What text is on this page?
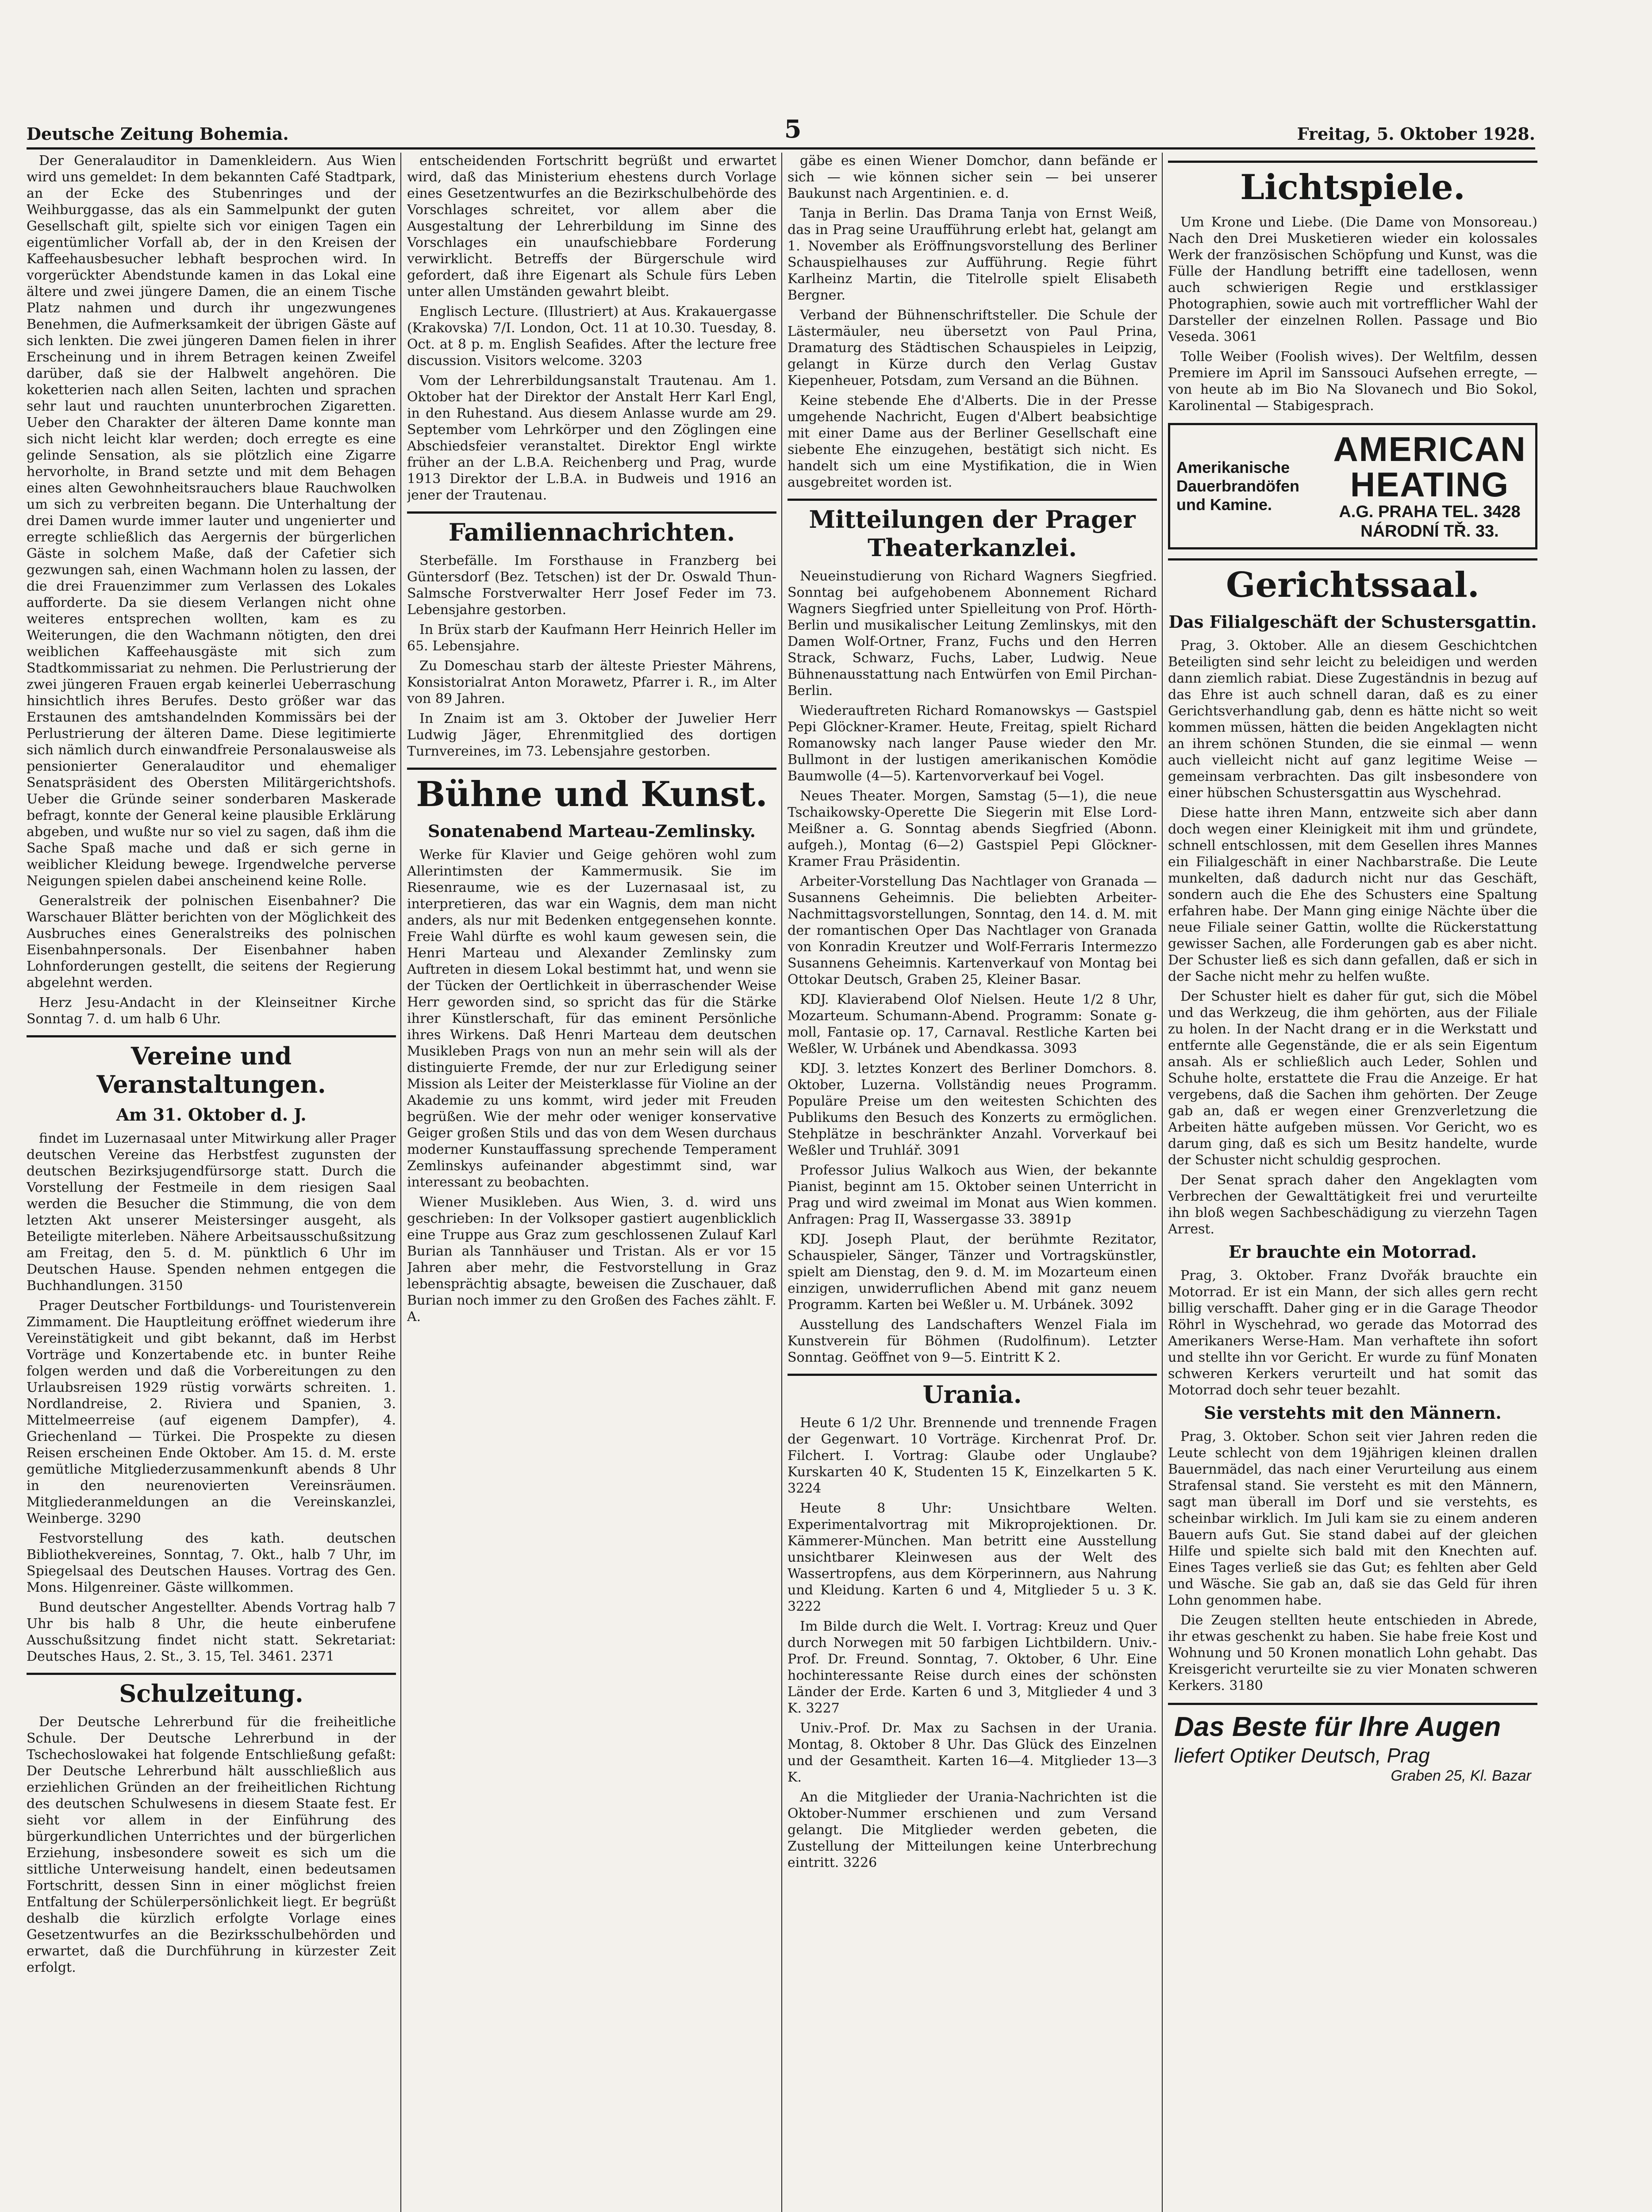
Deutsche Zeitung Bohemia.	5	Freitag, 5. Oktober 1928.

Der Generalauditor in Damenkleidern. Aus Wien wird uns gemeldet: In dem bekannten Café Stadtpark, an der Ecke des Stubenringes und der Weihburggasse, das als ein Sammelpunkt der guten Gesellschaft gilt, spielte sich vor einigen Tagen ein eigentümlicher Vorfall ab, der in den Kreisen der Kaffeehausbesucher lebhaft besprochen wird. In vorgerückter Abendstunde kamen in das Lokal eine ältere und zwei jüngere Damen, die an einem Tische Platz nahmen und durch ihr ungezwungenes Benehmen, die Aufmerksamkeit der übrigen Gäste auf sich lenkten. Die zwei jüngeren Damen fielen in ihrer Erscheinung und in ihrem Betragen keinen Zweifel darüber, daß sie der Halbwelt angehören. Die koketterien nach allen Seiten, lachten und sprachen sehr laut und rauchten ununterbrochen Zigaretten. Ueber den Charakter der älteren Dame konnte man sich nicht leicht klar werden; doch erregte es eine gelinde Sensation, als sie plötzlich eine Zigarre hervorholte, in Brand setzte und mit dem Behagen eines alten Gewohnheitsrauchers blaue Rauchwolken um sich zu verbreiten begann. Die Unterhaltung der drei Damen wurde immer lauter und ungenierter und erregte schließlich das Aergernis der bürgerlichen Gäste in solchem Maße, daß der Cafetier sich gezwungen sah, einen Wachmann holen zu lassen, der die drei Frauenzimmer zum Verlassen des Lokales aufforderte. Da sie diesem Verlangen nicht ohne weiteres entsprechen wollten, kam es zu Weiterungen, die den Wachmann nötigten, den drei weiblichen Kaffeehausgäste mit sich zum Stadtkommissariat zu nehmen. Die Perlustrierung der zwei jüngeren Frauen ergab keinerlei Ueberraschung hinsichtlich ihres Berufes. Desto größer war das Erstaunen des amtshandelnden Kommissärs bei der Perlustrierung der älteren Dame. Diese legitimierte sich nämlich durch einwandfreie Personalausweise als pensionierter Generalauditor und ehemaliger Senatspräsident des Obersten Militärgerichtshofs. Ueber die Gründe seiner sonderbaren Maskerade befragt, konnte der General keine plausible Erklärung abgeben, und wußte nur so viel zu sagen, daß ihm die Sache Spaß mache und daß er sich gerne in weiblicher Kleidung bewege. Irgendwelche perverse Neigungen spielen dabei anscheinend keine Rolle.

Generalstreik der polnischen Eisenbahner? Die Warschauer Blätter berichten von der Möglichkeit des Ausbruches eines Generalstreiks des polnischen Eisenbahnpersonals. Der Eisenbahner haben Lohnforderungen gestellt, die seitens der Regierung abgelehnt werden.

Herz Jesu-Andacht in der Kleinseitner Kirche Sonntag 7. d. um halb 6 Uhr.

Vereine und Veranstaltungen.
Am 31. Oktober d. J.

findet im Luzernasaal unter Mitwirkung aller Prager deutschen Vereine das Herbstfest zugunsten der deutschen Bezirksjugendfürsorge statt. Durch die Vorstellung der Festmeile in dem riesigen Saal werden die Besucher die Stimmung, die von dem letzten Akt unserer Meistersinger ausgeht, als Beteiligte miterleben. Nähere Arbeitsausschußsitzung am Freitag, den 5. d. M. pünktlich 6 Uhr im Deutschen Hause. Spenden nehmen entgegen die Buchhandlungen. 3150

Prager Deutscher Fortbildungs- und Touristenverein Zimmament. Die Hauptleitung eröffnet wiederum ihre Vereinstätigkeit und gibt bekannt, daß im Herbst Vorträge und Konzertabende etc. in bunter Reihe folgen werden und daß die Vorbereitungen zu den Urlaubsreisen 1929 rüstig vorwärts schreiten. 1. Nordlandreise, 2. Riviera und Spanien, 3. Mittelmeerreise (auf eigenem Dampfer), 4. Griechenland — Türkei. Die Prospekte zu diesen Reisen erscheinen Ende Oktober. Am 15. d. M. erste gemütliche Mitgliederzusammenkunft abends 8 Uhr in den neurenovierten Vereinsräumen. Mitgliederanmeldungen an die Vereinskanzlei, Weinberge. 3290

Festvorstellung des kath. deutschen Bibliothekvereines, Sonntag, 7. Okt., halb 7 Uhr, im Spiegelsaal des Deutschen Hauses. Vortrag des Gen. Mons. Hilgenreiner. Gäste willkommen.

Bund deutscher Angestellter. Abends Vortrag halb 7 Uhr bis halb 8 Uhr, die heute einberufene Ausschußsitzung findet nicht statt. Sekretariat: Deutsches Haus, 2. St., 3. 15, Tel. 3461. 2371

Schulzeitung.

Der Deutsche Lehrerbund für die freiheitliche Schule. Der Deutsche Lehrerbund in der Tschechoslowakei hat folgende Entschließung gefaßt: Der Deutsche Lehrerbund hält ausschließlich aus erziehlichen Gründen an der freiheitlichen Richtung des deutschen Schulwesens in diesem Staate fest. Er sieht vor allem in der Einführung des bürgerkundlichen Unterrichtes und der bürgerlichen Erziehung, insbesondere soweit es sich um die sittliche Unterweisung handelt, einen bedeutsamen Fortschritt, dessen Sinn in einer möglichst freien Entfaltung der Schülerpersönlichkeit liegt. Er begrüßt deshalb die kürzlich erfolgte Vorlage eines Gesetzentwurfes an die Bezirksschulbehörden und erwartet, daß die Durchführung in kürzester Zeit erfolgt.

entscheidenden Fortschritt begrüßt und erwartet wird, daß das Ministerium ehestens durch Vorlage eines Gesetzentwurfes an die Bezirkschulbehörde des Vorschlages schreitet, vor allem aber die Ausgestaltung der Lehrerbildung im Sinne des Vorschlages ein unaufschiebbare Forderung verwirklicht. Betreffs der Bürgerschule wird gefordert, daß ihre Eigenart als Schule fürs Leben unter allen Umständen gewahrt bleibt.

Englisch Lecture. (Illustriert) at Aus. Krakauergasse (Krakovska) 7/I. London, Oct. 11 at 10.30. Tuesday, 8. Oct. at 8 p. m. English Seafides. After the lecture free discussion. Visitors welcome. 3203

Vom der Lehrerbildungsanstalt Trautenau. Am 1. Oktober hat der Direktor der Anstalt Herr Karl Engl, in den Ruhestand. Aus diesem Anlasse wurde am 29. September vom Lehrkörper und den Zöglingen eine Abschiedsfeier veranstaltet. Direktor Engl wirkte früher an der L.B.A. Reichenberg und Prag, wurde 1913 Direktor der L.B.A. in Budweis und 1916 an jener der Trautenau.

Familiennachrichten.

Sterbefälle. Im Forsthause in Franzberg bei Güntersdorf (Bez. Tetschen) ist der Dr. Oswald Thun-Salmsche Forstverwalter Herr Josef Feder im 73. Lebensjahre gestorben.

In Brüx starb der Kaufmann Herr Heinrich Heller im 65. Lebensjahre.

Zu Domeschau starb der älteste Priester Mährens, Konsistorialrat Anton Morawetz, Pfarrer i. R., im Alter von 89 Jahren.

In Znaim ist am 3. Oktober der Juwelier Herr Ludwig Jäger, Ehrenmitglied des dortigen Turnvereines, im 73. Lebensjahre gestorben.

Bühne und Kunst.
Sonatenabend Marteau-Zemlinsky.

Werke für Klavier und Geige gehören wohl zum Allerintimsten der Kammermusik. Sie im Riesenraume, wie es der Luzernasaal ist, zu interpretieren, das war ein Wagnis, dem man nicht anders, als nur mit Bedenken entgegensehen konnte. Freie Wahl dürfte es wohl kaum gewesen sein, die Henri Marteau und Alexander Zemlinsky zum Auftreten in diesem Lokal bestimmt hat, und wenn sie der Tücken der Oertlichkeit in überraschender Weise Herr geworden sind, so spricht das für die Stärke ihrer Künstlerschaft, für das eminent Persönliche ihres Wirkens. Daß Henri Marteau dem deutschen Musikleben Prags von nun an mehr sein will als der distinguierte Fremde, der nur zur Erledigung seiner Mission als Leiter der Meisterklasse für Violine an der Akademie zu uns kommt, wird jeder mit Freuden begrüßen. Wie der mehr oder weniger konservative Geiger großen Stils und das von dem Wesen durchaus moderner Kunstauffassung sprechende Temperament Zemlinskys aufeinander abgestimmt sind, war interessant zu beobachten.

Wiener Musikleben. Aus Wien, 3. d. wird uns geschrieben: In der Volksoper gastiert augenblicklich eine Truppe aus Graz zum geschlossenen Zulauf Karl Burian als Tannhäuser und Tristan. Als er vor 15 Jahren aber mehr, die Festvorstellung in Graz lebensprächtig absagte, beweisen die Zuschauer, daß Burian noch immer zu den Großen des Faches zählt. F. A.

gäbe es einen Wiener Domchor, dann befände er sich — wie können sicher sein — bei unserer Baukunst nach Argentinien. e. d.

Tanja in Berlin. Das Drama Tanja von Ernst Weiß, das in Prag seine Uraufführung erlebt hat, gelangt am 1. November als Eröffnungsvorstellung des Berliner Schauspielhauses zur Aufführung. Regie führt Karlheinz Martin, die Titelrolle spielt Elisabeth Bergner.

Verband der Bühnenschriftsteller. Die Schule der Lästermäuler, neu übersetzt von Paul Prina, Dramaturg des Städtischen Schauspieles in Leipzig, gelangt in Kürze durch den Verlag Gustav Kiepenheuer, Potsdam, zum Versand an die Bühnen.

Keine stebende Ehe d'Alberts. Die in der Presse umgehende Nachricht, Eugen d'Albert beabsichtige mit einer Dame aus der Berliner Gesellschaft eine siebente Ehe einzugehen, bestätigt sich nicht. Es handelt sich um eine Mystifikation, die in Wien ausgebreitet worden ist.

Mitteilungen der Prager Theaterkanzlei.

Neueinstudierung von Richard Wagners Siegfried. Sonntag bei aufgehobenem Abonnement Richard Wagners Siegfried unter Spielleitung von Prof. Hörth-Berlin und musikalischer Leitung Zemlinskys, mit den Damen Wolf-Ortner, Franz, Fuchs und den Herren Strack, Schwarz, Fuchs, Laber, Ludwig. Neue Bühnenausstattung nach Entwürfen von Emil Pirchan-Berlin.

Wiederauftreten Richard Romanowskys — Gastspiel Pepi Glöckner-Kramer. Heute, Freitag, spielt Richard Romanowsky nach langer Pause wieder den Mr. Bullmont in der lustigen amerikanischen Komödie Baumwolle (4—5). Kartenvorverkauf bei Vogel.

Neues Theater. Morgen, Samstag (5—1), die neue Tschaikowsky-Operette Die Siegerin mit Else Lord-Meißner a. G. Sonntag abends Siegfried (Abonn. aufgeh.), Montag (6—2) Gastspiel Pepi Glöckner-Kramer Frau Präsidentin.

Arbeiter-Vorstellung Das Nachtlager von Granada — Susannens Geheimnis. Die beliebten Arbeiter-Nachmittagsvorstellungen, Sonntag, den 14. d. M. mit der romantischen Oper Das Nachtlager von Granada von Konradin Kreutzer und Wolf-Ferraris Intermezzo Susannens Geheimnis. Kartenverkauf von Montag bei Ottokar Deutsch, Graben 25, Kleiner Basar.

KDJ. Klavierabend Olof Nielsen. Heute 1/2 8 Uhr, Mozarteum. Schumann-Abend. Programm: Sonate g-moll, Fantasie op. 17, Carnaval. Restliche Karten bei Weßler, W. Urbánek und Abendkassa. 3093

KDJ. 3. letztes Konzert des Berliner Domchors. 8. Oktober, Luzerna. Vollständig neues Programm. Populäre Preise um den weitesten Schichten des Publikums den Besuch des Konzerts zu ermöglichen. Stehplätze in beschränkter Anzahl. Vorverkauf bei Weßler und Truhlář. 3091

Professor Julius Walkoch aus Wien, der bekannte Pianist, beginnt am 15. Oktober seinen Unterricht in Prag und wird zweimal im Monat aus Wien kommen. Anfragen: Prag II, Wassergasse 33. 3891p

KDJ. Joseph Plaut, der berühmte Rezitator, Schauspieler, Sänger, Tänzer und Vortragskünstler, spielt am Dienstag, den 9. d. M. im Mozarteum einen einzigen, unwiderruflichen Abend mit ganz neuem Programm. Karten bei Weßler u. M. Urbánek. 3092

Ausstellung des Landschafters Wenzel Fiala im Kunstverein für Böhmen (Rudolfinum). Letzter Sonntag. Geöffnet von 9—5. Eintritt K 2.

Urania.

Heute 6 1/2 Uhr. Brennende und trennende Fragen der Gegenwart. 10 Vorträge. Kirchenrat Prof. Dr. Filchert. I. Vortrag: Glaube oder Unglaube? Kurskarten 40 K, Studenten 15 K, Einzelkarten 5 K. 3224

Heute 8 Uhr: Unsichtbare Welten. Experimentalvortrag mit Mikroprojektionen. Dr. Kämmerer-München. Man betritt eine Ausstellung unsichtbarer Kleinwesen aus der Welt des Wassertropfens, aus dem Körperinnern, aus Nahrung und Kleidung. Karten 6 und 4, Mitglieder 5 u. 3 K. 3222

Im Bilde durch die Welt. I. Vortrag: Kreuz und Quer durch Norwegen mit 50 farbigen Lichtbildern. Univ.-Prof. Dr. Freund. Sonntag, 7. Oktober, 6 Uhr. Eine hochinteressante Reise durch eines der schönsten Länder der Erde. Karten 6 und 3, Mitglieder 4 und 3 K. 3227

Univ.-Prof. Dr. Max zu Sachsen in der Urania. Montag, 8. Oktober 8 Uhr. Das Glück des Einzelnen und der Gesamtheit. Karten 16—4. Mitglieder 13—3 K.

An die Mitglieder der Urania-Nachrichten ist die Oktober-Nummer erschienen und zum Versand gelangt. Die Mitglieder werden gebeten, die Zustellung der Mitteilungen keine Unterbrechung eintritt. 3226

Lichtspiele.

Um Krone und Liebe. (Die Dame von Monsoreau.) Nach den Drei Musketieren wieder ein kolossales Werk der französischen Schöpfung und Kunst, was die Fülle der Handlung betrifft eine tadellosen, wenn auch schwierigen Regie und erstklassiger Photographien, sowie auch mit vortrefflicher Wahl der Darsteller der einzelnen Rollen. Passage und Bio Veseda. 3061

Tolle Weiber (Foolish wives). Der Weltfilm, dessen Premiere im April im Sanssouci Aufsehen erregte, — von heute ab im Bio Na Slovanech und Bio Sokol, Karolinental — Stabigesprach.

Amerikanische Dauerbrandöfen und Kamine.
AMERICAN HEATING
A.G. PRAHA TEL. 3428
NÁRODNÍ TŘ. 33.
Gerichtssaal.
Das Filialgeschäft der Schustersgattin.

Prag, 3. Oktober. Alle an diesem Geschichtchen Beteiligten sind sehr leicht zu beleidigen und werden dann ziemlich rabiat. Diese Zugeständnis in bezug auf das Ehre ist auch schnell daran, daß es zu einer Gerichtsverhandlung gab, denn es hätte nicht so weit kommen müssen, hätten die beiden Angeklagten nicht an ihrem schönen Stunden, die sie einmal — wenn auch vielleicht nicht auf ganz legitime Weise — gemeinsam verbrachten. Das gilt insbesondere von einer hübschen Schustersgattin aus Wyschehrad.

Diese hatte ihren Mann, entzweite sich aber dann doch wegen einer Kleinigkeit mit ihm und gründete, schnell entschlossen, mit dem Gesellen ihres Mannes ein Filialgeschäft in einer Nachbarstraße. Die Leute munkelten, daß dadurch nicht nur das Geschäft, sondern auch die Ehe des Schusters eine Spaltung erfahren habe. Der Mann ging einige Nächte über die neue Filiale seiner Gattin, wollte die Rückerstattung gewisser Sachen, alle Forderungen gab es aber nicht. Der Schuster ließ es sich dann gefallen, daß er sich in der Sache nicht mehr zu helfen wußte.

Der Schuster hielt es daher für gut, sich die Möbel und das Werkzeug, die ihm gehörten, aus der Filiale zu holen. In der Nacht drang er in die Werkstatt und entfernte alle Gegenstände, die er als sein Eigentum ansah. Als er schließlich auch Leder, Sohlen und Schuhe holte, erstattete die Frau die Anzeige. Er hat vergebens, daß die Sachen ihm gehörten. Der Zeuge gab an, daß er wegen einer Grenzverletzung die Arbeiten hätte aufgeben müssen. Vor Gericht, wo es darum ging, daß es sich um Besitz handelte, wurde der Schuster nicht schuldig gesprochen.

Der Senat sprach daher den Angeklagten vom Verbrechen der Gewalttätigkeit frei und verurteilte ihn bloß wegen Sachbeschädigung zu vierzehn Tagen Arrest.

Er brauchte ein Motorrad.

Prag, 3. Oktober. Franz Dvořák brauchte ein Motorrad. Er ist ein Mann, der sich alles gern recht billig verschafft. Daher ging er in die Garage Theodor Röhrl in Wyschehrad, wo gerade das Motorrad des Amerikaners Werse-Ham. Man verhaftete ihn sofort und stellte ihn vor Gericht. Er wurde zu fünf Monaten schweren Kerkers verurteilt und hat somit das Motorrad doch sehr teuer bezahlt.

Sie verstehts mit den Männern.

Prag, 3. Oktober. Schon seit vier Jahren reden die Leute schlecht von dem 19jährigen kleinen drallen Bauernmädel, das nach einer Verurteilung aus einem Strafensal stand. Sie versteht es mit den Männern, sagt man überall im Dorf und sie verstehts, es scheinbar wirklich. Im Juli kam sie zu einem anderen Bauern aufs Gut. Sie stand dabei auf der gleichen Hilfe und spielte sich bald mit den Knechten auf. Eines Tages verließ sie das Gut; es fehlten aber Geld und Wäsche. Sie gab an, daß sie das Geld für ihren Lohn genommen habe.

Die Zeugen stellten heute entschieden in Abrede, ihr etwas geschenkt zu haben. Sie habe freie Kost und Wohnung und 50 Kronen monatlich Lohn gehabt. Das Kreisgericht verurteilte sie zu vier Monaten schweren Kerkers. 3180

Das Beste für Ihre Augen
liefert Optiker Deutsch, Prag
Graben 25, Kl. Bazar
